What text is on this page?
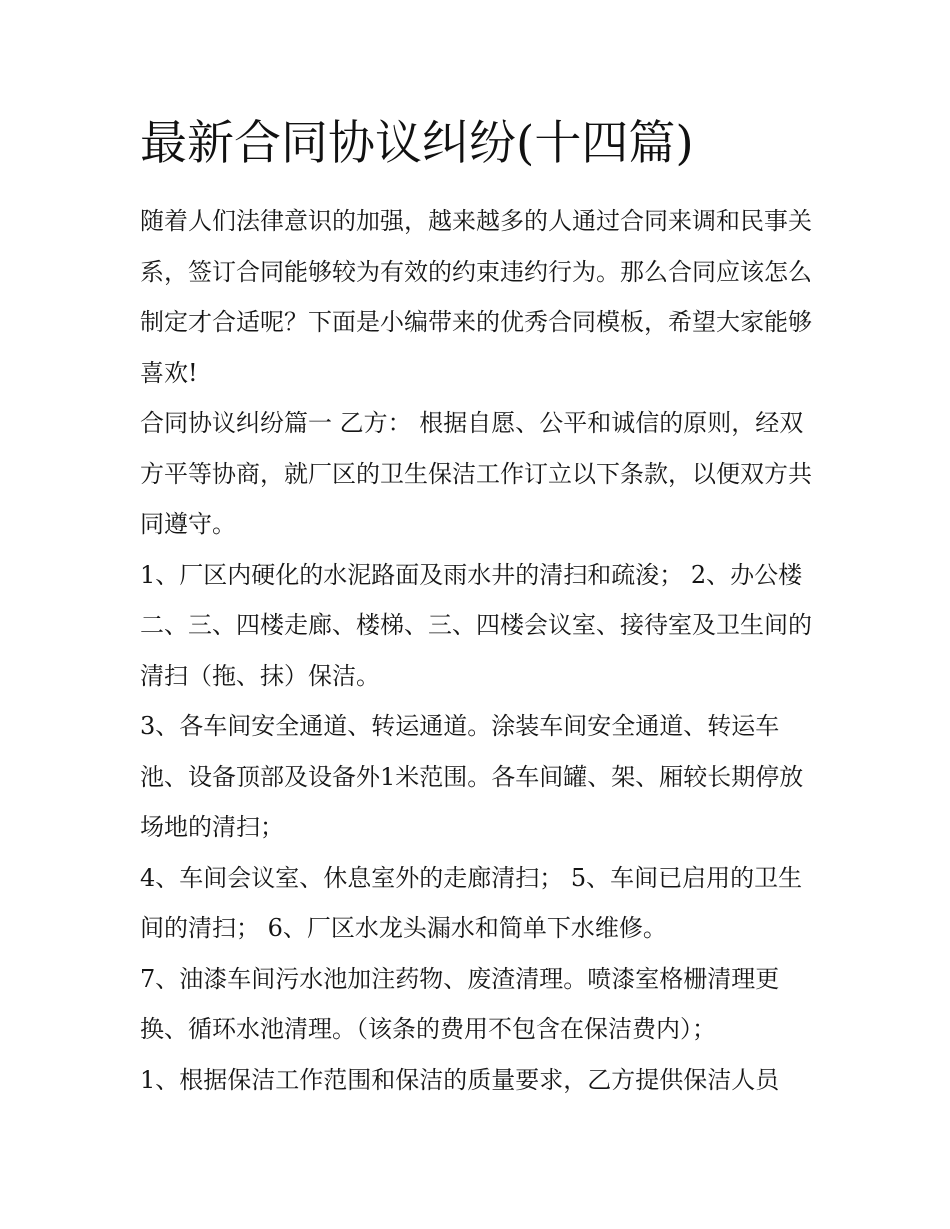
最新合同协议纠纷(十四篇)

随着人们法律意识的加强，越来越多的人通过合同来调和民事关系，签订合同能够较为有效的约束违约行为。那么合同应该怎么制定才合适呢？下面是小编带来的优秀合同模板，希望大家能够喜欢!

合同协议纠纷篇一 乙方： 根据自愿、公平和诚信的原则，经双方平等协商，就厂区的卫生保洁工作订立以下条款，以便双方共同遵守。

1、厂区内硬化的水泥路面及雨水井的清扫和疏浚； 2、办公楼二、三、四楼走廊、楼梯、三、四楼会议室、接待室及卫生间的清扫（拖、抹）保洁。

3、各车间安全通道、转运通道。涂装车间安全通道、转运车池、设备顶部及设备外1米范围。各车间罐、架、厢较长期停放场地的清扫；

4、车间会议室、休息室外的走廊清扫； 5、车间已启用的卫生间的清扫； 6、厂区水龙头漏水和简单下水维修。

7、油漆车间污水池加注药物、废渣清理。喷漆室格栅清理更换、循环水池清理。（该条的费用不包含在保洁费内）；

1、根据保洁工作范围和保洁的质量要求，乙方提供保洁人员
